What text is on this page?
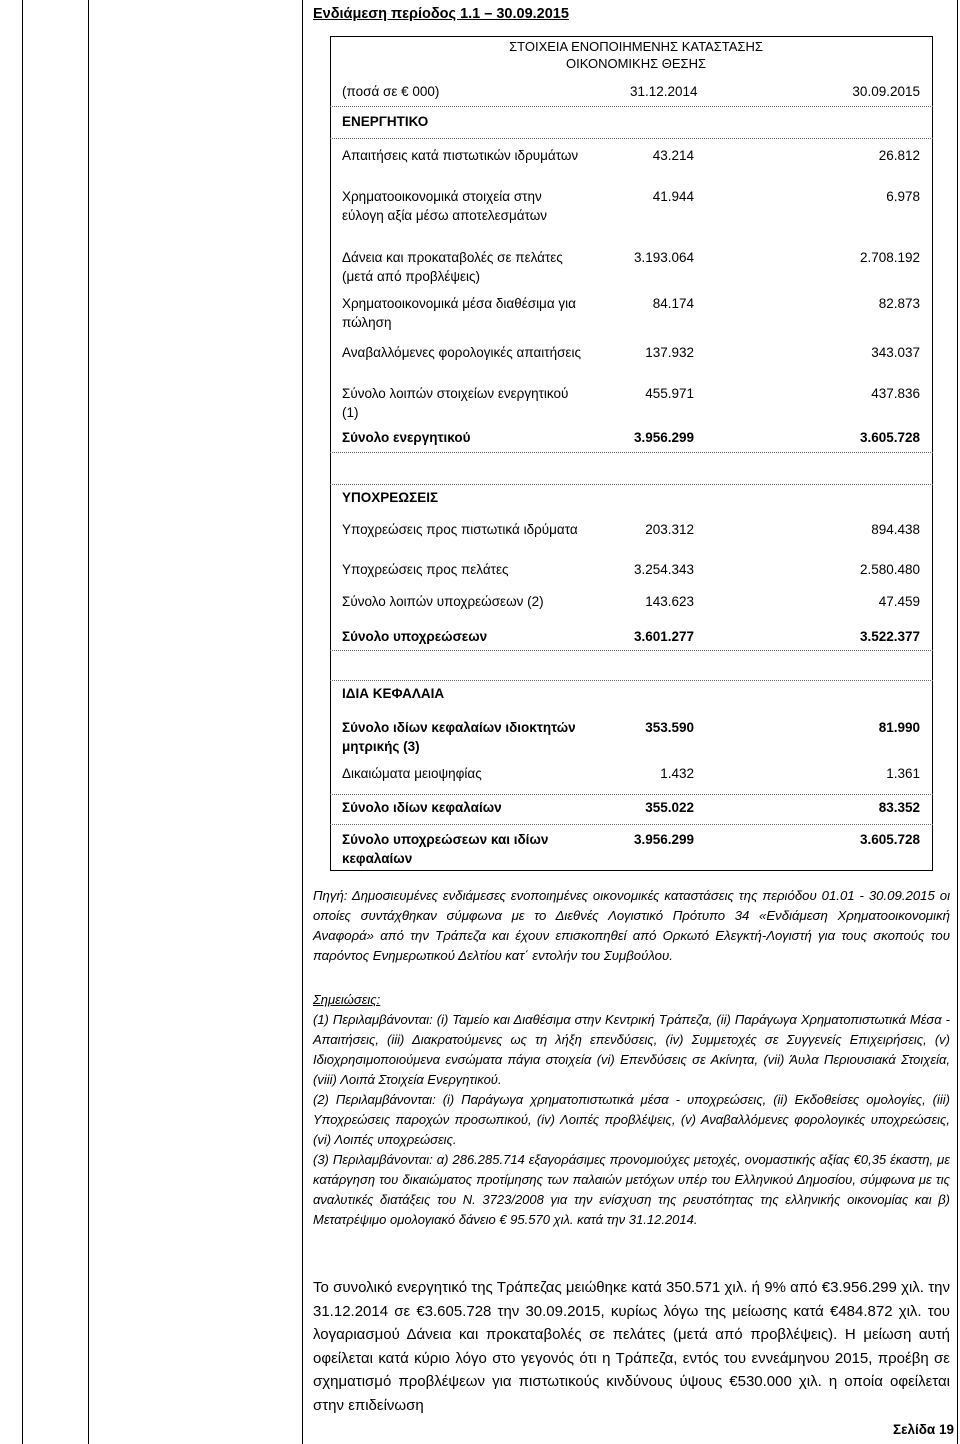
Ενδιάμεση περίοδος 1.1 – 30.09.2015
ΣΤΟΙΧΕΙΑ ΕΝΟΠΟΙΗΜΕΝΗΣ ΚΑΤΑΣΤΑΣΗΣ
ΟΙΚΟΝΟΜΙΚΗΣ ΘΕΣΗΣ
(ποσά σε € 000)	31.12.2014	30.09.2015
ΕΝΕΡΓΗΤΙΚΟ
Απαιτήσεις κατά πιστωτικών ιδρυμάτων	43.214	26.812
Χρηματοοικονομικά στοιχεία στην εύλογη αξία μέσω αποτελεσμάτων
41.944	6.978
Δάνεια και προκαταβολές σε πελάτες (μετά από προβλέψεις)
3.193.064	2.708.192
Χρηματοοικονομικά μέσα διαθέσιμα για πώληση
84.174	82.873
Αναβαλλόμενες φορολογικές απαιτήσεις	137.932	343.037
Σύνολο λοιπών στοιχείων ενεργητικού (1)
455.971	437.836
Σύνολο ενεργητικού	3.956.299	3.605.728
ΥΠΟΧΡΕΩΣΕΙΣ
Υποχρεώσεις προς πιστωτικά ιδρύματα	203.312	894.438
Υποχρεώσεις προς πελάτες	3.254.343	2.580.480
Σύνολο λοιπών υποχρεώσεων (2)	143.623	47.459
Σύνολο υποχρεώσεων	3.601.277	3.522.377
ΙΔΙΑ ΚΕΦΑΛΑΙΑ
Σύνολο ιδίων κεφαλαίων ιδιοκτητών μητρικής (3)
353.590	81.990
Δικαιώματα μειοψηφίας	1.432	1.361
Σύνολο ιδίων κεφαλαίων	355.022	83.352
Σύνολο υποχρεώσεων και ιδίων κεφαλαίων
3.956.299	3.605.728
Πηγή: Δημοσιευμένες ενδιάμεσες ενοποιημένες οικονομικές καταστάσεις της περιόδου 01.01 - 30.09.2015 οι οποίες συντάχθηκαν σύμφωνα με το Διεθνές Λογιστικό Πρότυπο 34 «Ενδιάμεση Χρηματοοικονομική Αναφορά» από την Τράπεζα και έχουν επισκοπηθεί από Ορκωτό Ελεγκτή-Λογιστή για τους σκοπούς του παρόντος Ενημερωτικού Δελτίου κατ΄ εντολήν του Συμβούλου.
Σημειώσεις:

(1) Περιλαμβάνονται: (i) Ταμείο και Διαθέσιμα στην Κεντρική Τράπεζα, (ii) Παράγωγα Χρηματοπιστωτικά Μέσα - Απαιτήσεις, (iii) Διακρατούμενες ως τη λήξη επενδύσεις, (iv) Συμμετοχές σε Συγγενείς Επιχειρήσεις, (v) Ιδιοχρησιμοποιούμενα ενσώματα πάγια στοιχεία (vi) Επενδύσεις σε Ακίνητα, (vii) Άυλα Περιουσιακά Στοιχεία, (viii) Λοιπά Στοιχεία Ενεργητικού.

(2) Περιλαμβάνονται: (i) Παράγωγα χρηματοπιστωτικά μέσα - υποχρεώσεις, (ii) Εκδοθείσες ομολογίες, (iii) Υποχρεώσεις παροχών προσωπικού, (iv) Λοιπές προβλέψεις, (v) Αναβαλλόμενες φορολογικές υποχρεώσεις, (vi) Λοιπές υποχρεώσεις.

(3) Περιλαμβάνονται: α) 286.285.714 εξαγοράσιμες προνομιούχες μετοχές, ονομαστικής αξίας €0,35 έκαστη, με κατάργηση του δικαιώματος προτίμησης των παλαιών μετόχων υπέρ του Ελληνικού Δημοσίου, σύμφωνα με τις αναλυτικές διατάξεις του Ν. 3723/2008 για την ενίσχυση της ρευστότητας της ελληνικής οικονομίας και β) Μετατρέψιμο ομολογιακό δάνειο € 95.570 χιλ. κατά την 31.12.2014.

Το συνολικό ενεργητικό της Τράπεζας μειώθηκε κατά 350.571 χιλ. ή 9% από €3.956.299 χιλ. την 31.12.2014 σε €3.605.728 την 30.09.2015, κυρίως λόγω της μείωσης κατά €484.872 χιλ. του λογαριασμού Δάνεια και προκαταβολές σε πελάτες (μετά από προβλέψεις). Η μείωση αυτή οφείλεται κατά κύριο λόγο στο γεγονός ότι η Τράπεζα, εντός του εννεάμηνου 2015, προέβη σε σχηματισμό προβλέψεων για πιστωτικούς κινδύνους ύψους €530.000 χιλ. η οποία οφείλεται στην επιδείνωση
Σελίδα 19
